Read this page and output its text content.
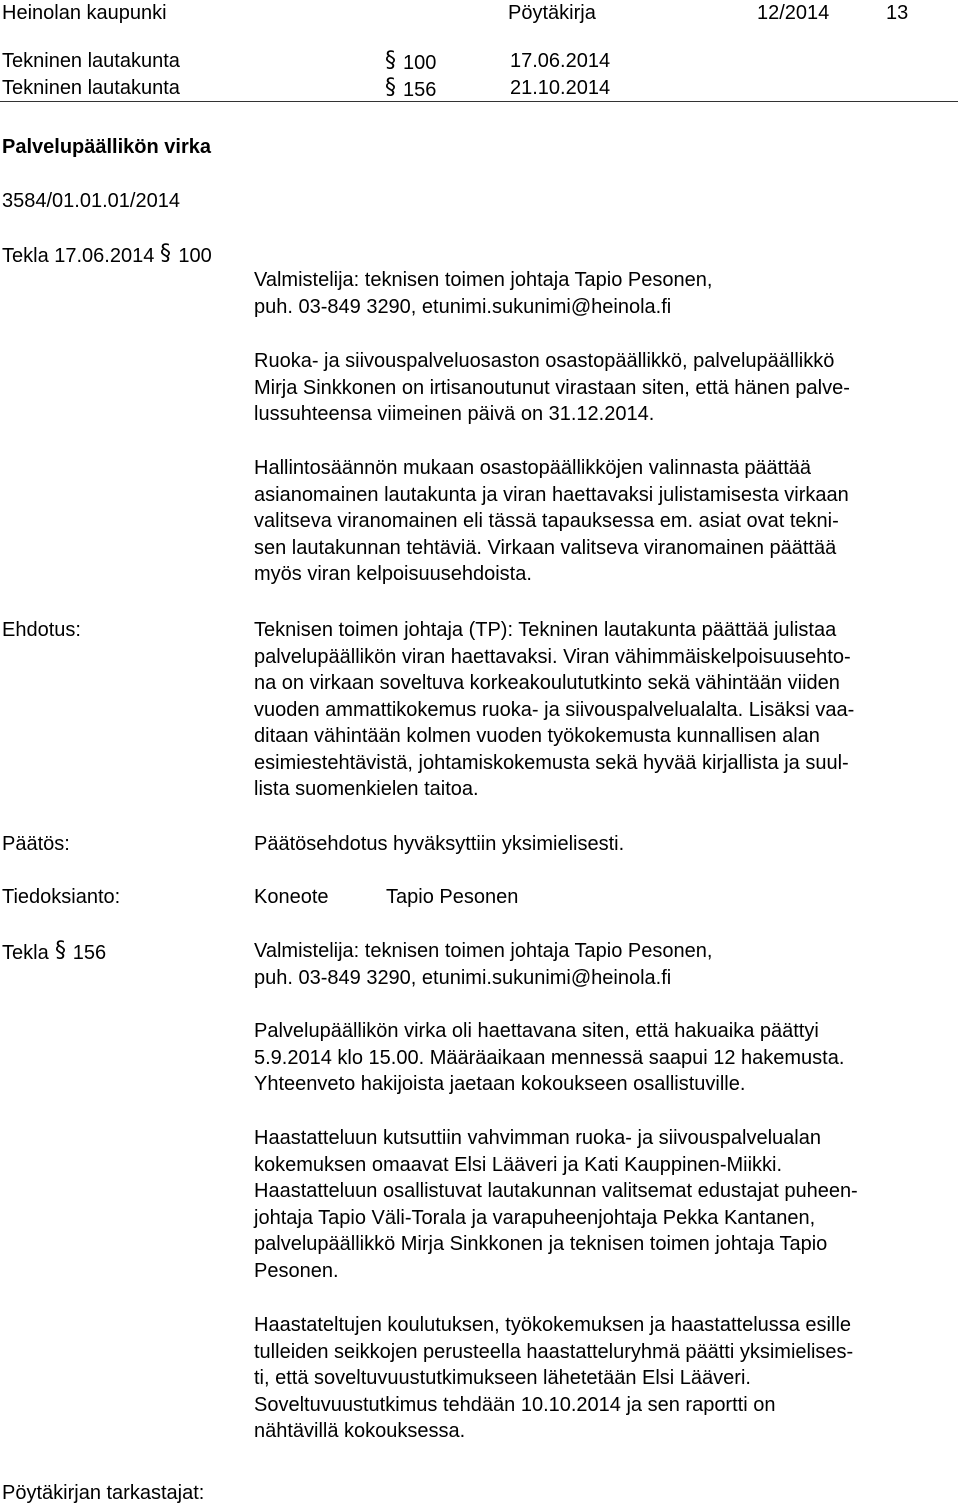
Heinolan kaupunki	Pöytäkirja	12/2014	13
Tekninen lautakunta	§ 100	17.06.2014
Tekninen lautakunta	§ 156	21.10.2014
Palvelupäällikön virka
3584/01.01.01/2014
Tekla 17.06.2014 § 100
Valmistelija: teknisen toimen johtaja Tapio Pesonen,
puh. 03-849 3290, etunimi.sukunimi@heinola.fi
Ruoka- ja siivouspalveluosaston osastopäällikkö, palvelupäällikkö
Mirja Sinkkonen on irtisanoutunut virastaan siten, että hänen palve-
lussuhteensa viimeinen päivä on 31.12.2014.
Hallintosäännön mukaan osastopäällikköjen valinnasta päättää
asianomainen lautakunta ja viran haettavaksi julistamisesta virkaan
valitseva viranomainen eli tässä tapauksessa em. asiat ovat tekni-
sen lautakunnan tehtäviä. Virkaan valitseva viranomainen päättää
myös viran kelpoisuusehdoista.
Ehdotus:	Teknisen toimen johtaja (TP): Tekninen lautakunta päättää julistaa
palvelupäällikön viran haettavaksi. Viran vähimmäiskelpoisuusehto-
na on virkaan soveltuva korkeakoulututkinto sekä vähintään viiden
vuoden ammattikokemus ruoka- ja siivouspalvelualalta. Lisäksi vaa-
ditaan vähintään kolmen vuoden työkokemusta kunnallisen alan
esimiestehtävistä, johtamiskokemusta sekä hyvää kirjallista ja suul-
lista suomenkielen taitoa.
Päätös:	Päätösehdotus hyväksyttiin yksimielisesti.
Tiedoksianto:	Koneote	Tapio Pesonen
Tekla § 156	Valmistelija: teknisen toimen johtaja Tapio Pesonen,
puh. 03-849 3290, etunimi.sukunimi@heinola.fi
Palvelupäällikön virka oli haettavana siten, että hakuaika päättyi
5.9.2014 klo 15.00. Määräaikaan mennessä saapui 12 hakemusta.
Yhteenveto hakijoista jaetaan kokoukseen osallistuville.
Haastatteluun kutsuttiin vahvimman ruoka- ja siivouspalvelualan
kokemuksen omaavat Elsi Lääveri ja Kati Kauppinen-Miikki.
Haastatteluun osallistuvat lautakunnan valitsemat edustajat puheen-
johtaja Tapio Väli-Torala ja varapuheenjohtaja Pekka Kantanen,
palvelupäällikkö Mirja Sinkkonen ja teknisen toimen johtaja Tapio
Pesonen.
Haastateltujen koulutuksen, työkokemuksen ja haastattelussa esille
tulleiden seikkojen perusteella haastatteluryhmä päätti yksimielises-
ti, että soveltuvuustutkimukseen lähetetään Elsi Lääveri.
Soveltuvuustutkimus tehdään 10.10.2014 ja sen raportti on
nähtävillä kokouksessa.
Pöytäkirjan tarkastajat:
